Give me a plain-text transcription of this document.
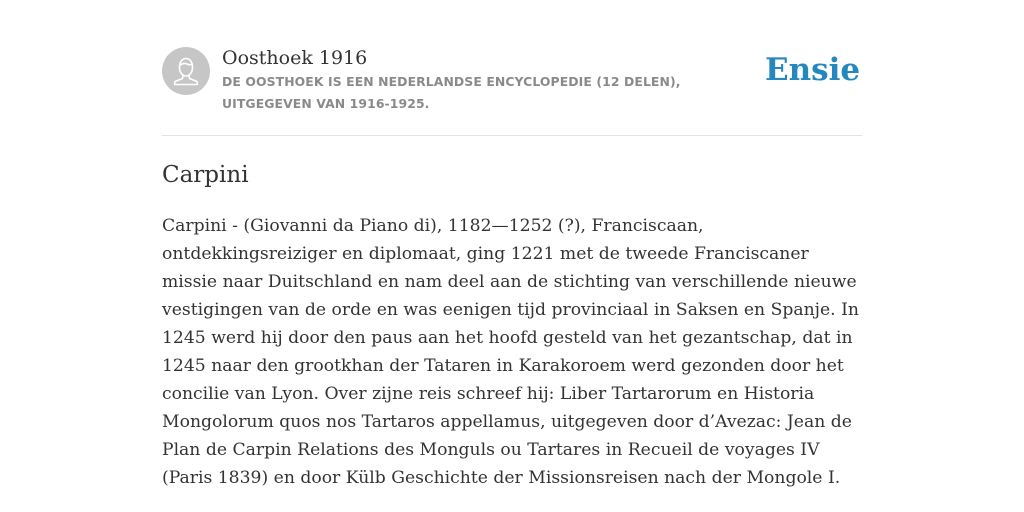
Oosthoek 1916
DE OOSTHOEK IS EEN NEDERLANDSE ENCYCLOPEDIE (12 DELEN), UITGEGEVEN VAN 1916-1925.
Ensie
Carpini

Carpini - (Giovanni da Piano di), 1182—1252 (?), Franciscaan, ontdekkingsreiziger en diplomaat, ging 1221 met de tweede Franciscaner missie naar Duitschland en nam deel aan de stichting van verschillende nieuwe vestigingen van de orde en was eenigen tijd provinciaal in Saksen en Spanje. In 1245 werd hij door den paus aan het hoofd gesteld van het gezantschap, dat in 1245 naar den grootkhan der Tataren in Karakoroem werd gezonden door het concilie van Lyon. Over zijne reis schreef hij: Liber Tartarorum en Historia Mongolorum quos nos Tartaros appellamus, uitgegeven door d’Avezac: Jean de Plan de Carpin Relations des Monguls ou Tartares in Recueil de voyages IV (Paris 1839) en door Külb Geschichte der Missionsreisen nach der Mongole I.
